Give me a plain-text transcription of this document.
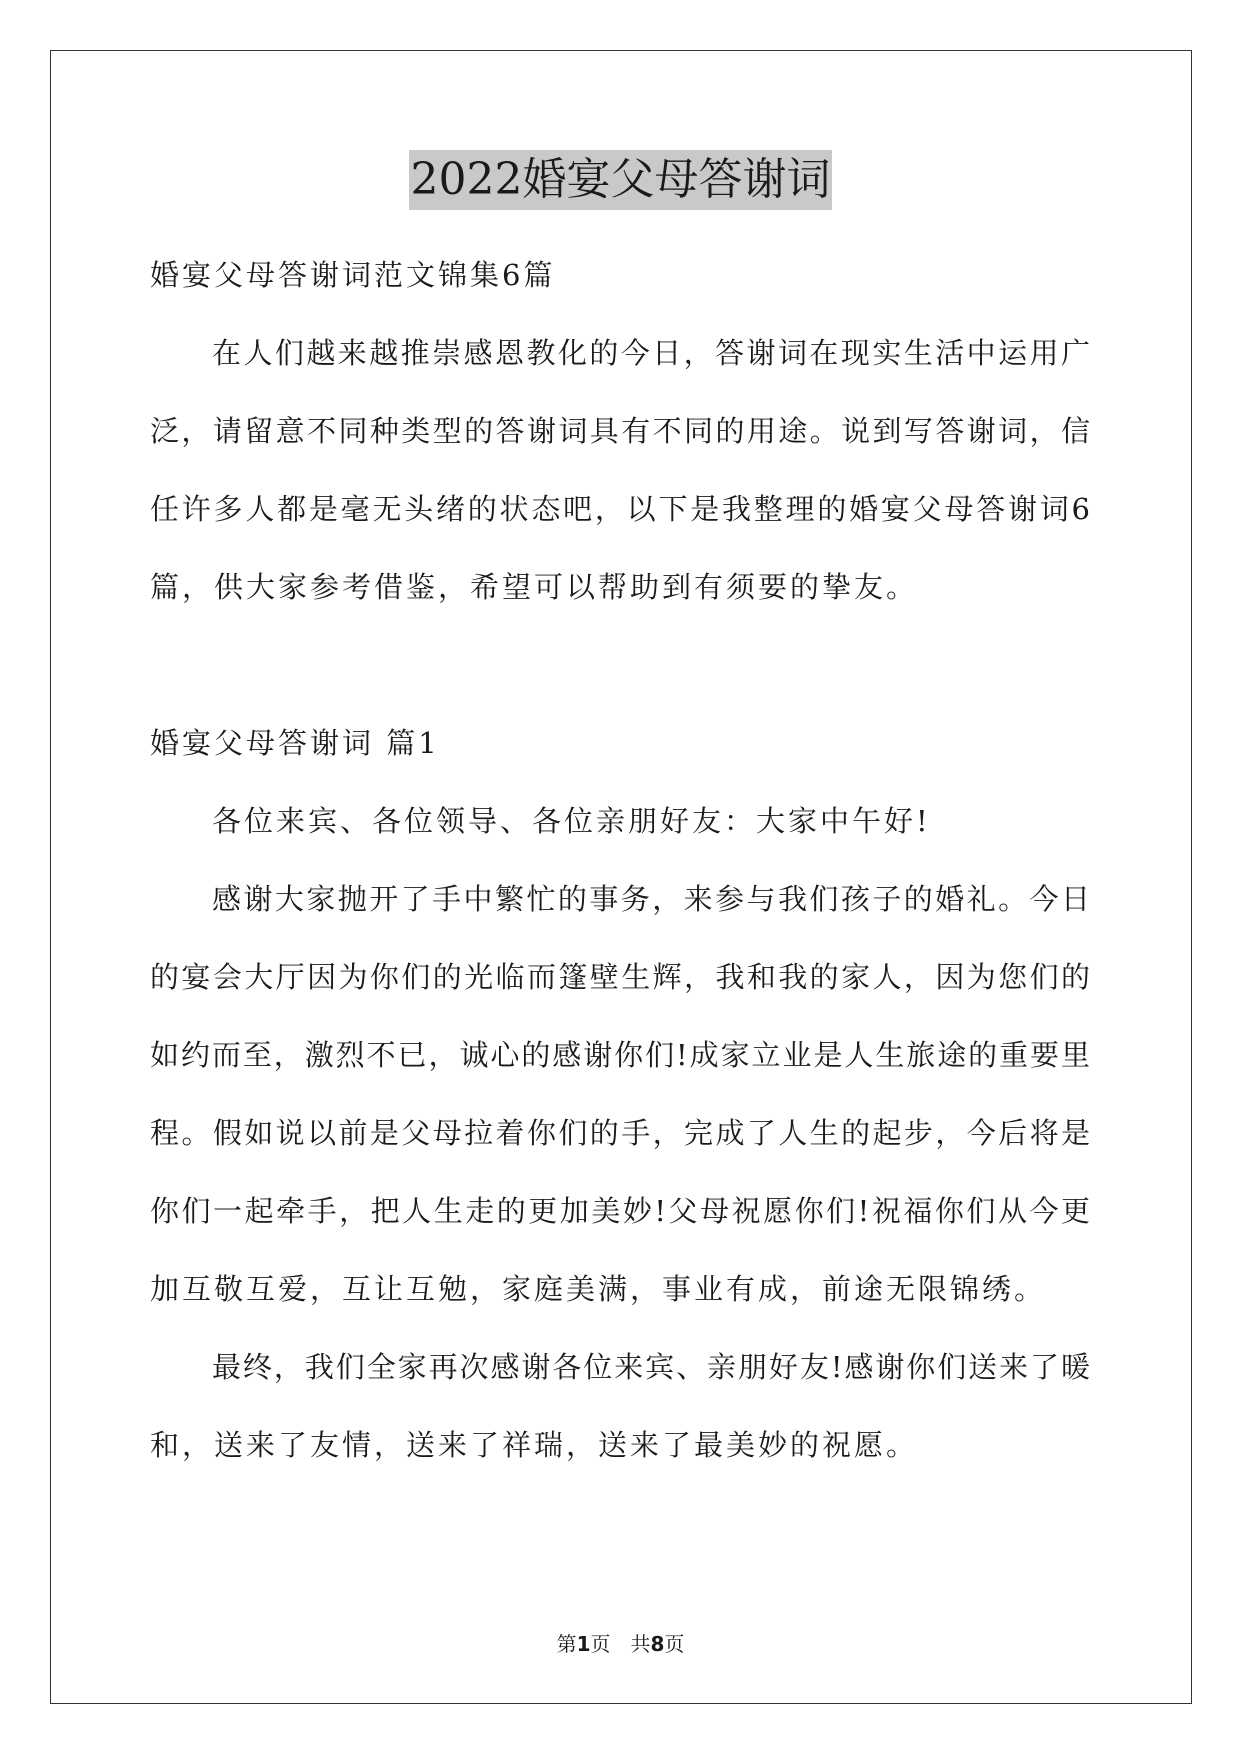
2022婚宴父母答谢词
婚宴父母答谢词范文锦集6篇
在人们越来越推崇感恩教化的今日，答谢词在现实生活中运用广
泛，请留意不同种类型的答谢词具有不同的用途。说到写答谢词，信
任许多人都是毫无头绪的状态吧，以下是我整理的婚宴父母答谢词6
篇，供大家参考借鉴，希望可以帮助到有须要的挚友。
婚宴父母答谢词 篇1
各位来宾、各位领导、各位亲朋好友：大家中午好!
感谢大家抛开了手中繁忙的事务，来参与我们孩子的婚礼。今日
的宴会大厅因为你们的光临而篷壁生辉，我和我的家人，因为您们的
如约而至，激烈不已，诚心的感谢你们!成家立业是人生旅途的重要里
程。假如说以前是父母拉着你们的手，完成了人生的起步，今后将是
你们一起牵手，把人生走的更加美妙!父母祝愿你们!祝福你们从今更
加互敬互爱，互让互勉，家庭美满，事业有成，前途无限锦绣。
最终，我们全家再次感谢各位来宾、亲朋好友!感谢你们送来了暖
和，送来了友情，送来了祥瑞，送来了最美妙的祝愿。
第1页　共8页
